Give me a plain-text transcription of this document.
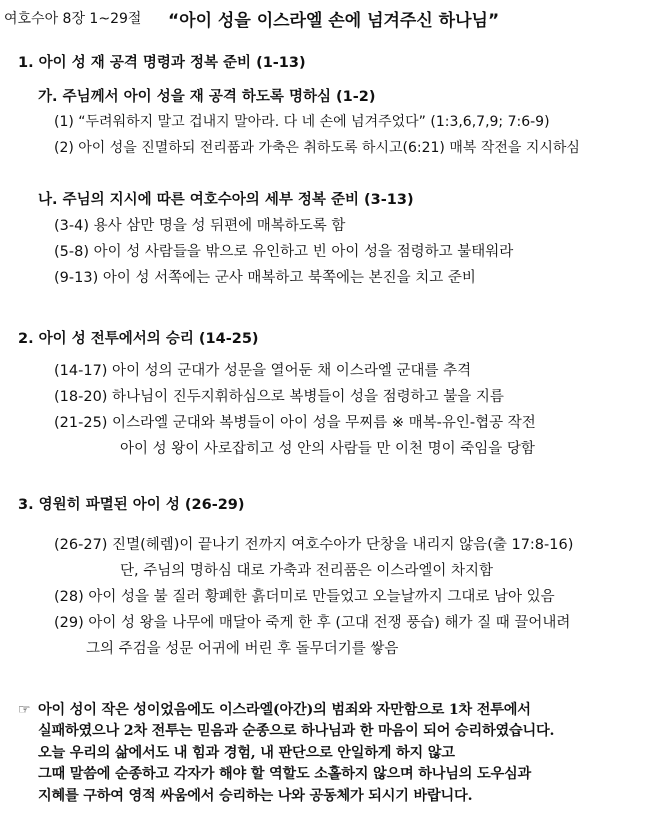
여호수아 8장 1~29절 “아이 성을 이스라엘 손에 넘겨주신 하나님”
1. 아이 성 재 공격 명령과 정복 준비 (1-13)
가. 주님께서 아이 성을 재 공격 하도록 명하심 (1-2)
(1) “두려워하지 말고 겁내지 말아라. 다 네 손에 넘겨주었다” (1:3,6,7,9; 7:6-9)
(2) 아이 성을 진멸하되 전리품과 가축은 취하도록 하시고(6:21) 매복 작전을 지시하심
나. 주님의 지시에 따른 여호수아의 세부 정복 준비 (3-13)
(3-4) 용사 삼만 명을 성 뒤편에 매복하도록 함
(5-8) 아이 성 사람들을 밖으로 유인하고 빈 아이 성을 점령하고 불태워라
(9-13) 아이 성 서쪽에는 군사 매복하고 북쪽에는 본진을 치고 준비
2. 아이 성 전투에서의 승리 (14-25)
(14-17) 아이 성의 군대가 성문을 열어둔 채 이스라엘 군대를 추격
(18-20) 하나님이 진두지휘하심으로 복병들이 성을 점령하고 불을 지름
(21-25) 이스라엘 군대와 복병들이 아이 성을 무찌름 ※ 매복-유인-협공 작전
아이 성 왕이 사로잡히고 성 안의 사람들 만 이천 명이 죽임을 당함
3. 영원히 파멸된 아이 성 (26-29)
(26-27) 진멸(헤렘)이 끝나기 전까지 여호수아가 단창을 내리지 않음(출 17:8-16)
단, 주님의 명하심 대로 가축과 전리품은 이스라엘이 차지함
(28) 아이 성을 불 질러 황폐한 흙더미로 만들었고 오늘날까지 그대로 남아 있음
(29) 아이 성 왕을 나무에 매달아 죽게 한 후 (고대 전쟁 풍습) 해가 질 때 끌어내려
그의 주검을 성문 어귀에 버린 후 돌무더기를 쌓음
☞ 아이 성이 작은 성이었음에도 이스라엘(아간)의 범죄와 자만함으로 1차 전투에서
실패하였으나 2차 전투는 믿음과 순종으로 하나님과 한 마음이 되어 승리하였습니다.
오늘 우리의 삶에서도 내 힘과 경험, 내 판단으로 안일하게 하지 않고
그때 말씀에 순종하고 각자가 해야 할 역할도 소홀하지 않으며 하나님의 도우심과
지혜를 구하여 영적 싸움에서 승리하는 나와 공동체가 되시기 바랍니다.
